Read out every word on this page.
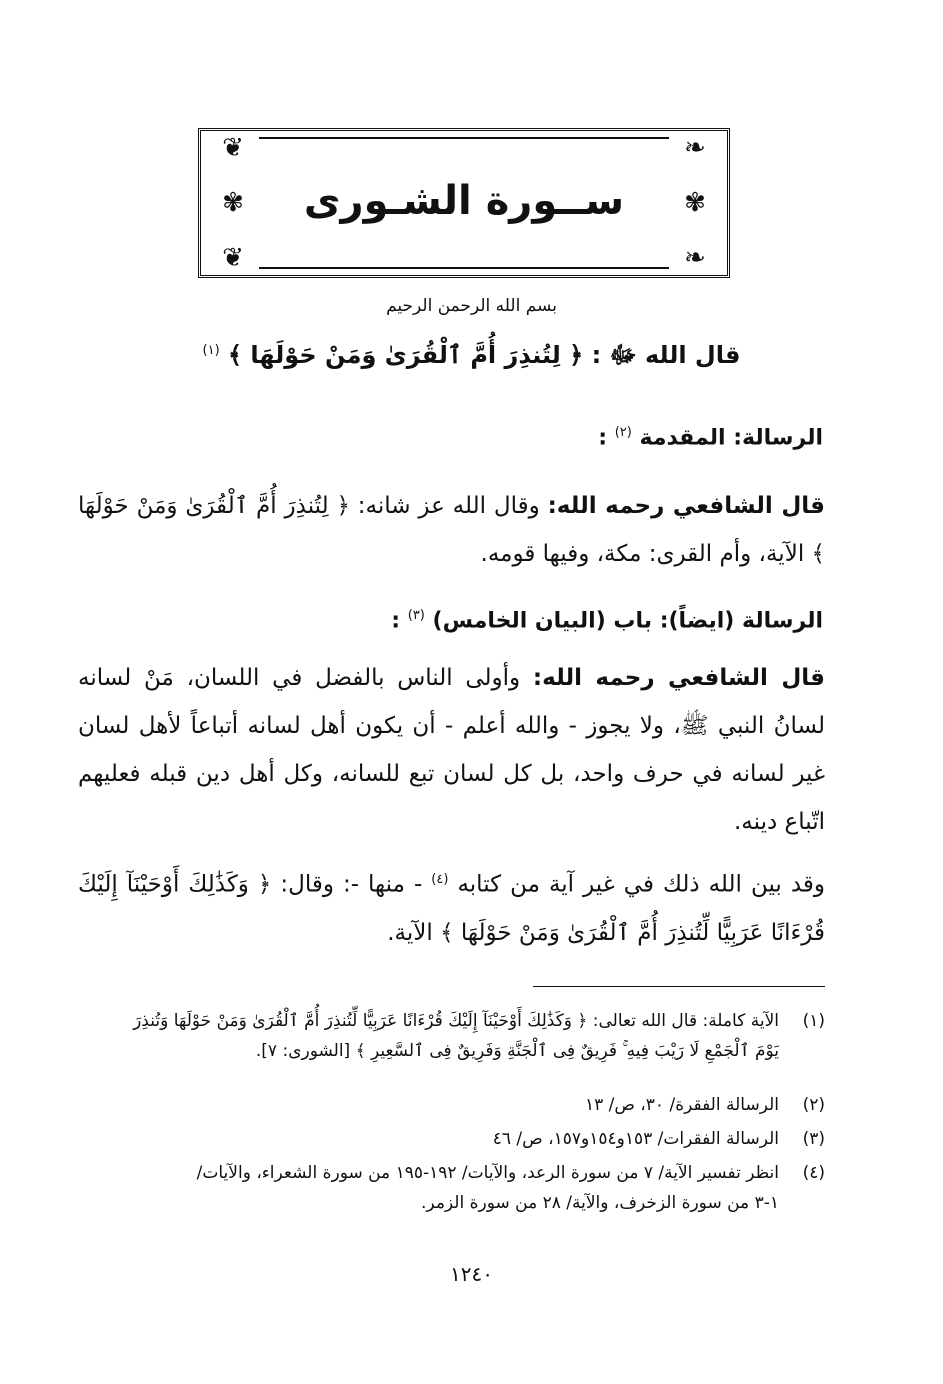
❦
✾
❦
❧
✾
❧
ســورة الشـورى
بسم الله الرحمن الرحيم
قال الله ﷻ : ﴿ لِتُنذِرَ أُمَّ ٱلْقُرَىٰ وَمَنْ حَوْلَهَا ﴾ $^{(١)}$
الرسالة: المقدمة $^{(٢)}$ :
قال الشافعي رحمه الله: وقال الله عز شانه: ﴿ لِتُنذِرَ أُمَّ ٱلْقُرَىٰ وَمَنْ حَوْلَهَا ﴾ الآية، وأم القرى: مكة، وفيها قومه.
الرسالة (ايضاً): باب (البيان الخامس) $^{(٣)}$ :
قال الشافعي رحمه الله: وأولى الناس بالفضل في اللسان، مَنْ لسانه لسانُ النبي ﷺ، ولا يجوز - والله أعلم - أن يكون أهل لسانه أتباعاً لأهل لسان غير لسانه في حرف واحد، بل كل لسان تبع للسانه، وكل أهل دين قبله فعليهم اتّباع دينه.
وقد بين الله ذلك في غير آية من كتابه $^{(٤)}$ - منها -: وقال: ﴿ وَكَذَٰلِكَ أَوْحَيْنَآ إِلَيْكَ قُرْءَانًا عَرَبِيًّا لِّتُنذِرَ أُمَّ ٱلْقُرَىٰ وَمَنْ حَوْلَهَا ﴾ الآية.
(١)الآية كاملة: قال الله تعالى: ﴿ وَكَذَٰلِكَ أَوْحَيْنَآ إِلَيْكَ قُرْءَانًا عَرَبِيًّا لِّتُنذِرَ أُمَّ ٱلْقُرَىٰ وَمَنْ حَوْلَهَا وَتُنذِرَ
يَوْمَ ٱلْجَمْعِ لَا رَيْبَ فِيهِ ۚ فَرِيقٌ فِى ٱلْجَنَّةِ وَفَرِيقٌ فِى ٱلسَّعِيرِ ﴾ [الشورى: ٧].
(٢)الرسالة الفقرة/ ٣٠، ص/ ١٣
(٣)الرسالة الفقرات/ ١٥٣و١٥٤و١٥٧، ص/ ٤٦
(٤)انظر تفسير الآية/ ٧ من سورة الرعد، والآيات/ ١٩٢-١٩٥ من سورة الشعراء، والآيات/
١-٣ من سورة الزخرف، والآية/ ٢٨ من سورة الزمر.
١٢٤٠
